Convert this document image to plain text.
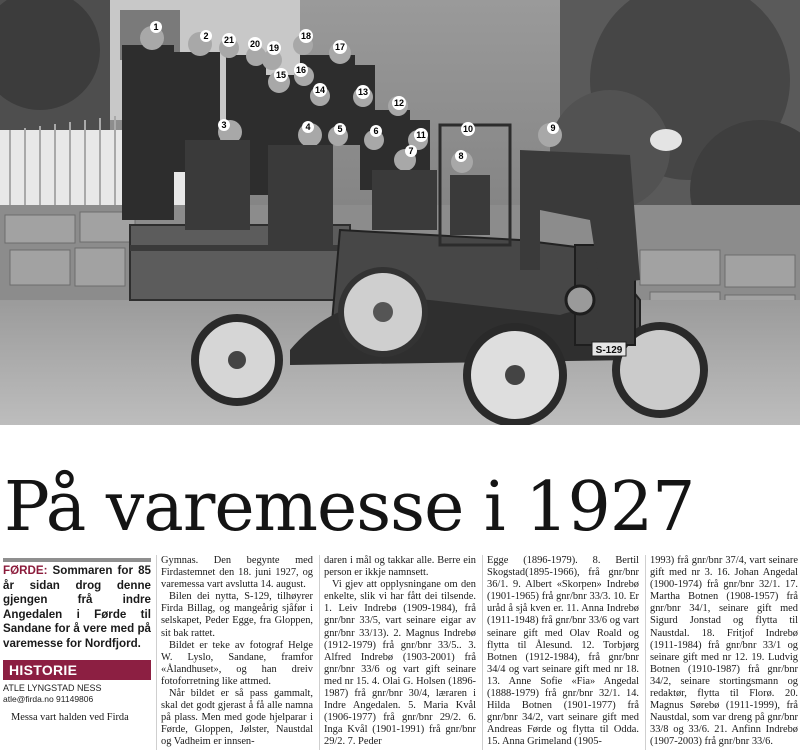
S-129
1
2
3	4	5	6
7	8
9
10
11
12
13
14
15 16
17
18
19
20
21
På varemesse i 1927
FØRDE: Sommaren for 85 år sidan drog denne gjengen frå indre Angedalen i Førde til Sandane for å vere med på varemesse for Nordfjord.
HISTORIE
ATLE LYNGSTAD NESS
atle@firda.no 91149806

Messa vart halden ved Firda

Gymnas. Den begynte med Firdastemnet den 18. juni 1927, og varemessa vart avslutta 14. august.

Bilen dei nytta, S-129, tilhøyrer Firda Billag, og mangeårig sjåfør i selskapet, Peder Egge, fra Gloppen, sit bak rattet.

Bildet er teke av fotograf Helge W. Lyslo, Sandane, framfor «Ålandhuset», og han dreiv fotoforretning like attmed.

Når bildet er så pass gammalt, skal det godt gjerast å få alle namna på plass. Men med gode hjelparar i Førde, Gloppen, Jølster, Naustdal og Vadheim er innsen-

daren i mål og takkar alle. Berre ein person er ikkje namnsett.

Vi gjev att opplysningane om den enkelte, slik vi har fått dei tilsende. 1. Leiv Indrebø (1909-1984), frå gnr/bnr 33/5, vart seinare eigar av gnr/bnr 33/13). 2. Magnus Indrebø (1912-1979) frå gnr/bnr 33/5.. 3. Alfred Indrebø (1903-2001) frå gnr/bnr 33/6 og vart gift seinare med nr 15. 4. Olai G. Holsen (1896-1987) frå gnr/bnr 30/4, læraren i Indre Angedalen. 5. Maria Kvål (1906-1977) frå gnr/bnr 29/2. 6. Inga Kvål (1901-1991) frå gnr/bnr 29/2. 7. Peder

Egge (1896-1979). 8. Bertil Skogstad(1895-1966), frå gnr/bnr 36/1. 9. Albert «Skorpen» Indrebø (1901-1965) frå gnr/bnr 33/3. 10. Er uråd å sjå kven er. 11. Anna Indrebø (1911-1948) frå gnr/bnr 33/6 og vart seinare gift med Olav Roald og flytta til Ålesund. 12. Torbjørg Botnen (1912-1984), frå gnr/bnr 34/4 og vart seinare gift med nr 18. 13. Anne Sofie «Fia» Angedal (1888-1979) frå gnr/bnr 32/1. 14. Hilda Botnen (1901-1977) frå gnr/bnr 34/2, vart seinare gift med Andreas Førde og flytta til Odda. 15. Anna Grimeland (1905-

1993) frå gnr/bnr 37/4, vart seinare gift med nr 3. 16. Johan Angedal (1900-1974) frå gnr/bnr 32/1. 17. Martha Botnen (1908-1957) frå gnr/bnr 34/1, seinare gift med Sigurd Jonstad og flytta til Naustdal. 18. Fritjof Indrebø (1911-1984) frå gnr/bnr 33/1 og seinare gift med nr 12. 19. Ludvig Botnen (1910-1987) frå gnr/bnr 34/2, seinare stortingsmann og redaktør, flytta til Florø. 20. Magnus Sørebø (1911-1999), frå Naustdal, som var dreng på gnr/bnr 33/8 og 33/6. 21. Anfinn Indrebø (1907-2003) frå gnr/bnr 33/6.
